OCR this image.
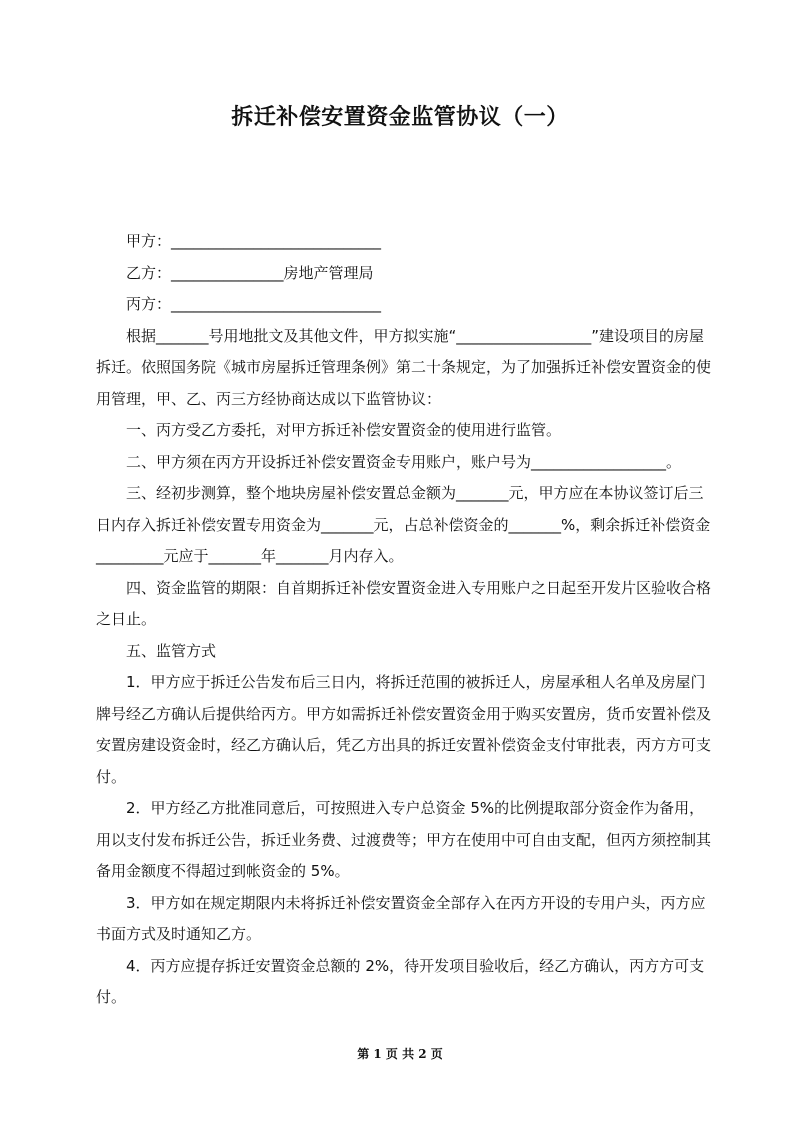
拆迁补偿安置资金监管协议（一）

甲方：____________________________

乙方：_______________房地产管理局

丙方：____________________________

根据_______号用地批文及其他文件，甲方拟实施“__________________”建设项目的房屋拆迁。依照国务院《城市房屋拆迁管理条例》第二十条规定，为了加强拆迁补偿安置资金的使用管理，甲、乙、丙三方经协商达成以下监管协议：

一、丙方受乙方委托，对甲方拆迁补偿安置资金的使用进行监管。

二、甲方须在丙方开设拆迁补偿安置资金专用账户，账户号为__________________。

三、经初步测算，整个地块房屋补偿安置总金额为_______元，甲方应在本协议签订后三日内存入拆迁补偿安置专用资金为_______元，占总补偿资金的_______%，剩余拆迁补偿资金_________元应于_______年_______月内存入。

四、资金监管的期限：自首期拆迁补偿安置资金进入专用账户之日起至开发片区验收合格之日止。

五、监管方式

1．甲方应于拆迁公告发布后三日内，将拆迁范围的被拆迁人，房屋承租人名单及房屋门牌号经乙方确认后提供给丙方。甲方如需拆迁补偿安置资金用于购买安置房，货币安置补偿及安置房建设资金时，经乙方确认后，凭乙方出具的拆迁安置补偿资金支付审批表，丙方方可支付。

2．甲方经乙方批准同意后，可按照进入专户总资金 5%的比例提取部分资金作为备用，用以支付发布拆迁公告，拆迁业务费、过渡费等；甲方在使用中可自由支配，但丙方须控制其备用金额度不得超过到帐资金的 5%。

3．甲方如在规定期限内未将拆迁补偿安置资金全部存入在丙方开设的专用户头，丙方应书面方式及时通知乙方。

4．丙方应提存拆迁安置资金总额的 2%，待开发项目验收后，经乙方确认，丙方方可支付。

第 1 页 共 2 页
